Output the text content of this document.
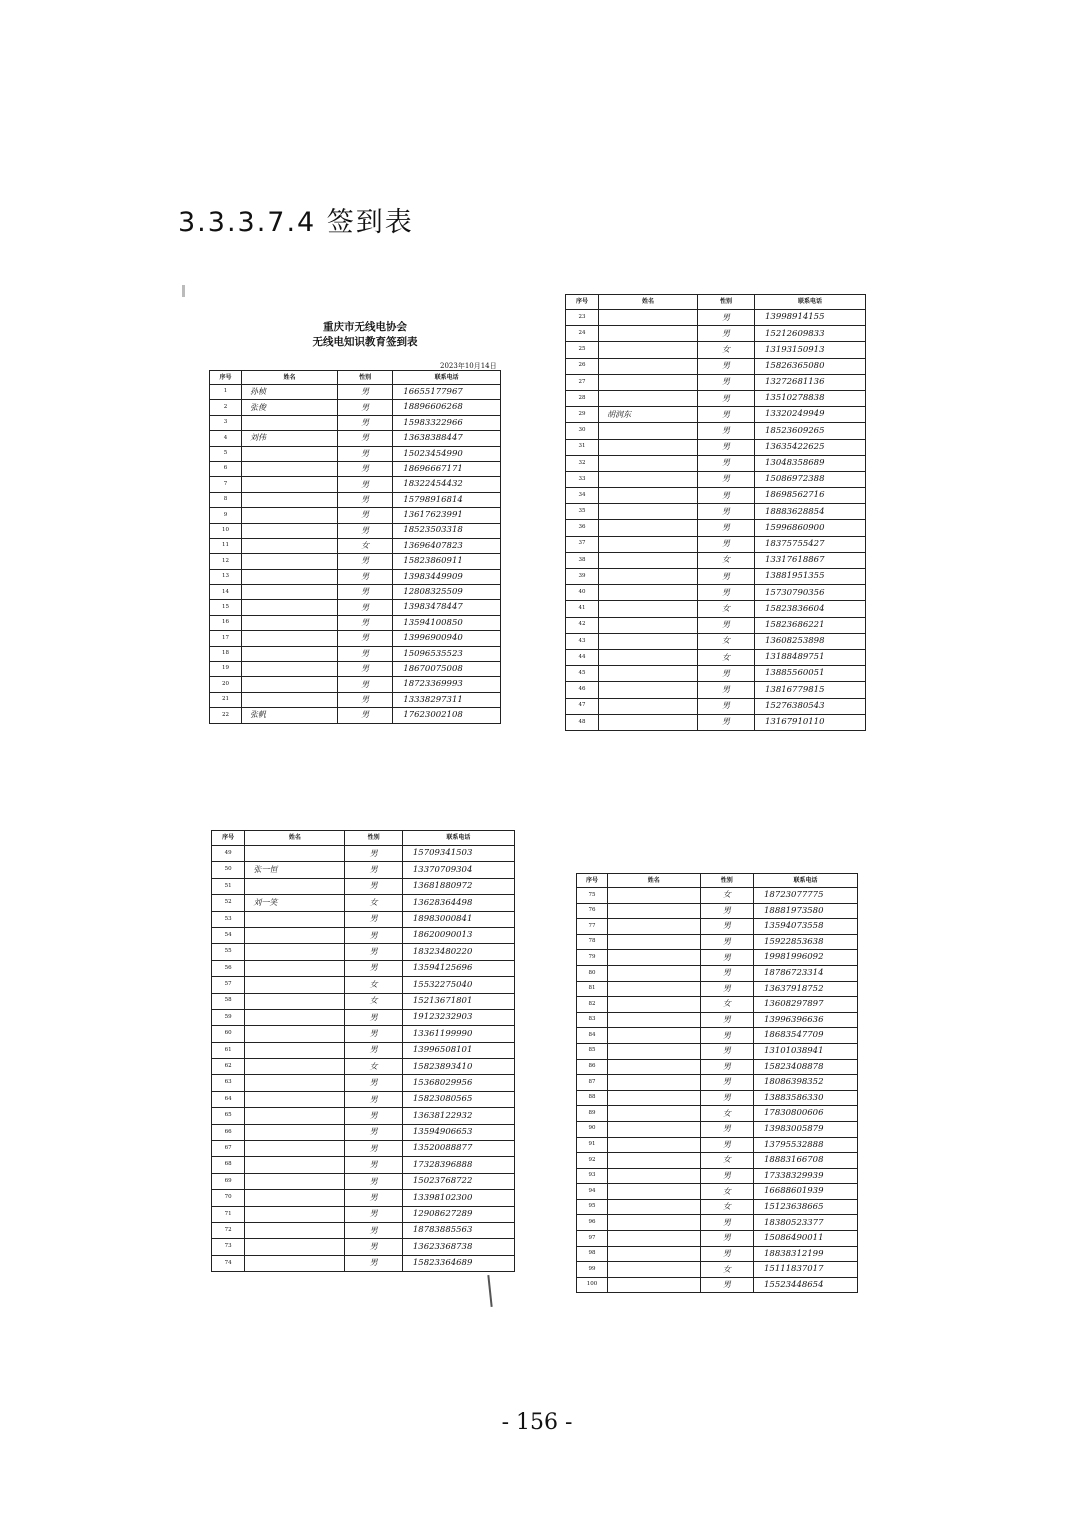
3.3.3.7.4 签到表
重庆市无线电协会
无线电知识教育签到表
2023年10月14日
序号	姓名	性别	联系电话
1	孙桢	男	16655177967
2	张俊	男	18896606268
3		男	15983322966
4	刘伟	男	13638388447
5		男	15023454990
6		男	18696667171
7		男	18322454432
8		男	15798916814
9		男	13617623991
10		男	18523503318
11		女	13696407823
12		男	15823860911
13		男	13983449909
14		男	12808325509
15		男	13983478447
16		男	13594100850
17		男	13996900940
18		男	15096535523
19		男	18670075008
20		男	18723369993
21		男	13338297311
22	张帆	男	17623002108
序号	姓名	性别	联系电话
23		男	13998914155
24		男	15212609833
25		女	13193150913
26		男	15826365080
27		男	13272681136
28		男	13510278838
29	胡润东	男	13320249949
30		男	18523609265
31		男	13635422625
32		男	13048358689
33		男	15086972388
34		男	18698562716
35		男	18883628854
36		男	15996860900
37		男	18375755427
38		女	13317618867
39		男	13881951355
40		男	15730790356
41		女	15823836604
42		男	15823686221
43		女	13608253898
44		女	13188489751
45		男	13885560051
46		男	13816779815
47		男	15276380543
48		男	13167910110
序号	姓名	性别	联系电话
49		男	15709341503
50	张一恒	男	13370709304
51		男	13681880972
52	刘一笑	女	13628364498
53		男	18983000841
54		男	18620090013
55		男	18323480220
56		男	13594125696
57		女	15532275040
58		女	15213671801
59		男	19123232903
60		男	13361199990
61		男	13996508101
62		女	15823893410
63		男	15368029956
64		男	15823080565
65		男	13638122932
66		男	13594906653
67		男	13520088877
68		男	17328396888
69		男	15023768722
70		男	13398102300
71		男	12908627289
72		男	18783885563
73		男	13623368738
74		男	15823364689
序号	姓名	性别	联系电话
75		女	18723077775
76		男	18881973580
77		男	13594073558
78		男	15922853638
79		男	19981996092
80		男	18786723314
81		男	13637918752
82		女	13608297897
83		男	13996396636
84		男	18683547709
85		男	13101038941
86		男	15823408878
87		男	18086398352
88		男	13883586330
89		女	17830800606
90		男	13983005879
91		男	13795532888
92		女	18883166708
93		男	17338329939
94		女	16688601939
95		女	15123638665
96		男	18380523377
97		男	15086490011
98		男	18838312199
99		女	15111837017
100		男	15523448654
- 156 -
